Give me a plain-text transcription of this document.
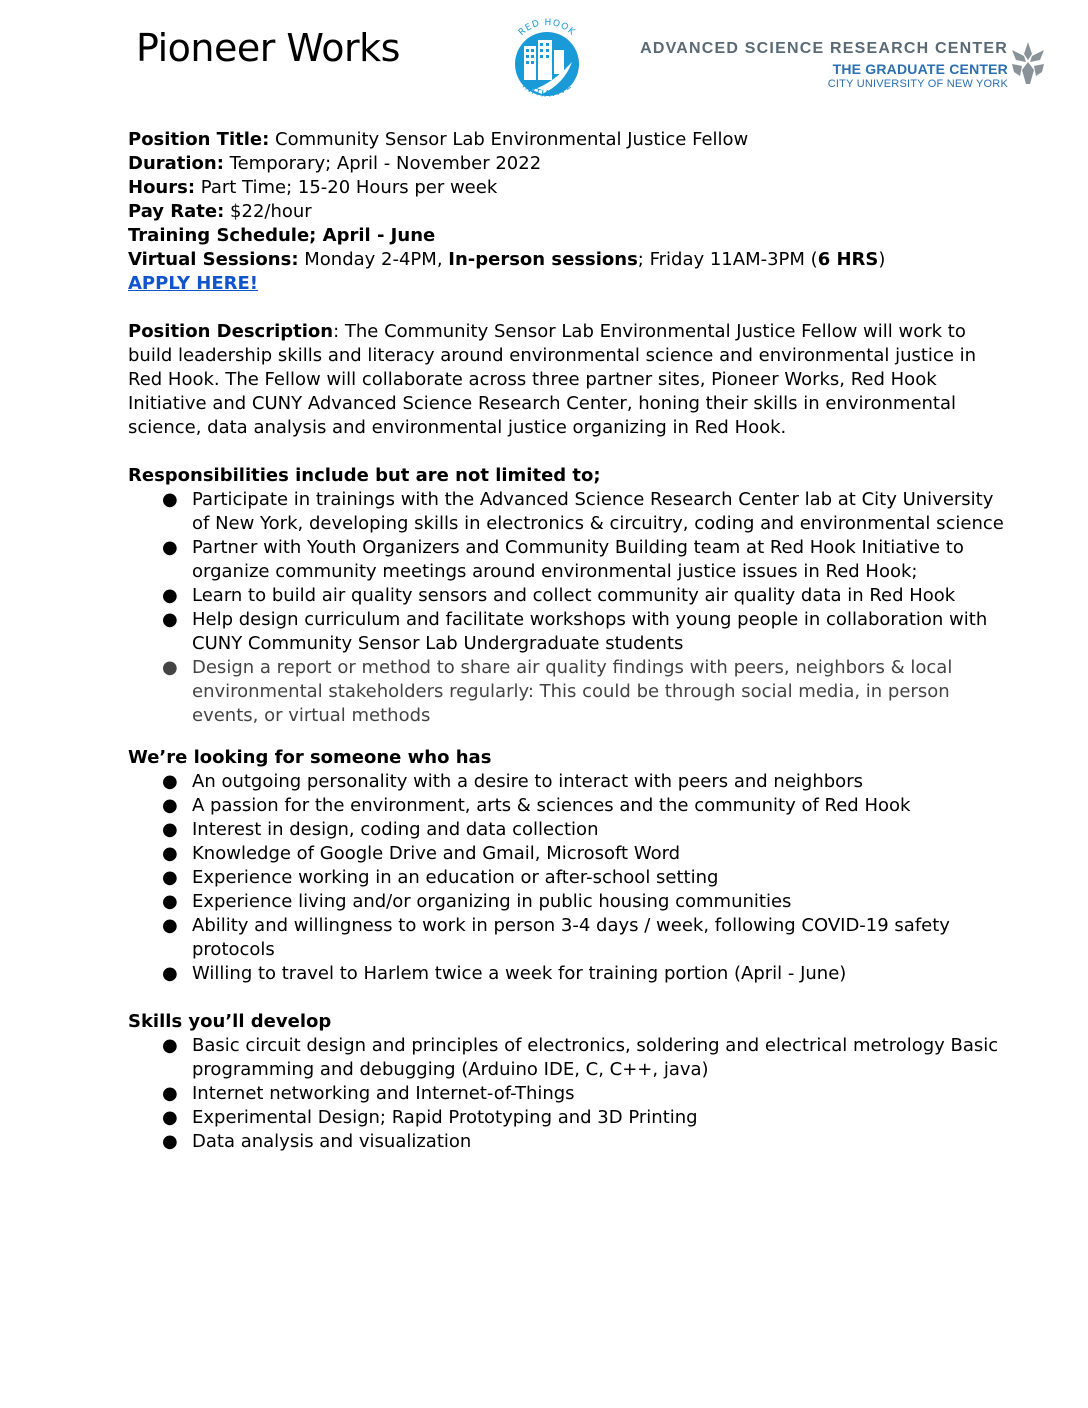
Pioneer Works	RED HOOK
INITIATIVE
ADVANCED SCIENCE RESEARCH CENTER
THE GRADUATE CENTER
CITY UNIVERSITY OF NEW YORK

Position Title: Community Sensor Lab Environmental Justice Fellow

Duration: Temporary; April - November 2022

Hours: Part Time; 15-20 Hours per week

Pay Rate: $22/hour

Training Schedule; April - June

Virtual Sessions: Monday 2-4PM, In-person sessions; Friday 11AM-3PM (6 HRS)

APPLY HERE!

Position Description: The Community Sensor Lab Environmental Justice Fellow will work to build leadership skills and literacy around environmental science and environmental justice in Red Hook. The Fellow will collaborate across three partner sites, Pioneer Works, Red Hook Initiative and CUNY Advanced Science Research Center, honing their skills in environmental science, data analysis and environmental justice organizing in Red Hook.

Responsibilities include but are not limited to;

● Participate in trainings with the Advanced Science Research Center lab at City University of New York, developing skills in electronics & circuitry, coding and environmental science
● Partner with Youth Organizers and Community Building team at Red Hook Initiative to organize community meetings around environmental justice issues in Red Hook;
● Learn to build air quality sensors and collect community air quality data in Red Hook
● Help design curriculum and facilitate workshops with young people in collaboration with CUNY Community Sensor Lab Undergraduate students
● Design a report or method to share air quality findings with peers, neighbors & local environmental stakeholders regularly: This could be through social media, in person events, or virtual methods

We’re looking for someone who has

● An outgoing personality with a desire to interact with peers and neighbors
● A passion for the environment, arts & sciences and the community of Red Hook
● Interest in design, coding and data collection
● Knowledge of Google Drive and Gmail, Microsoft Word
● Experience working in an education or after-school setting
● Experience living and/or organizing in public housing communities
● Ability and willingness to work in person 3-4 days / week, following COVID-19 safety protocols
● Willing to travel to Harlem twice a week for training portion (April - June)

Skills you’ll develop

● Basic circuit design and principles of electronics, soldering and electrical metrology Basic programming and debugging (Arduino IDE, C, C++, java)
● Internet networking and Internet-of-Things
● Experimental Design; Rapid Prototyping and 3D Printing
● Data analysis and visualization
